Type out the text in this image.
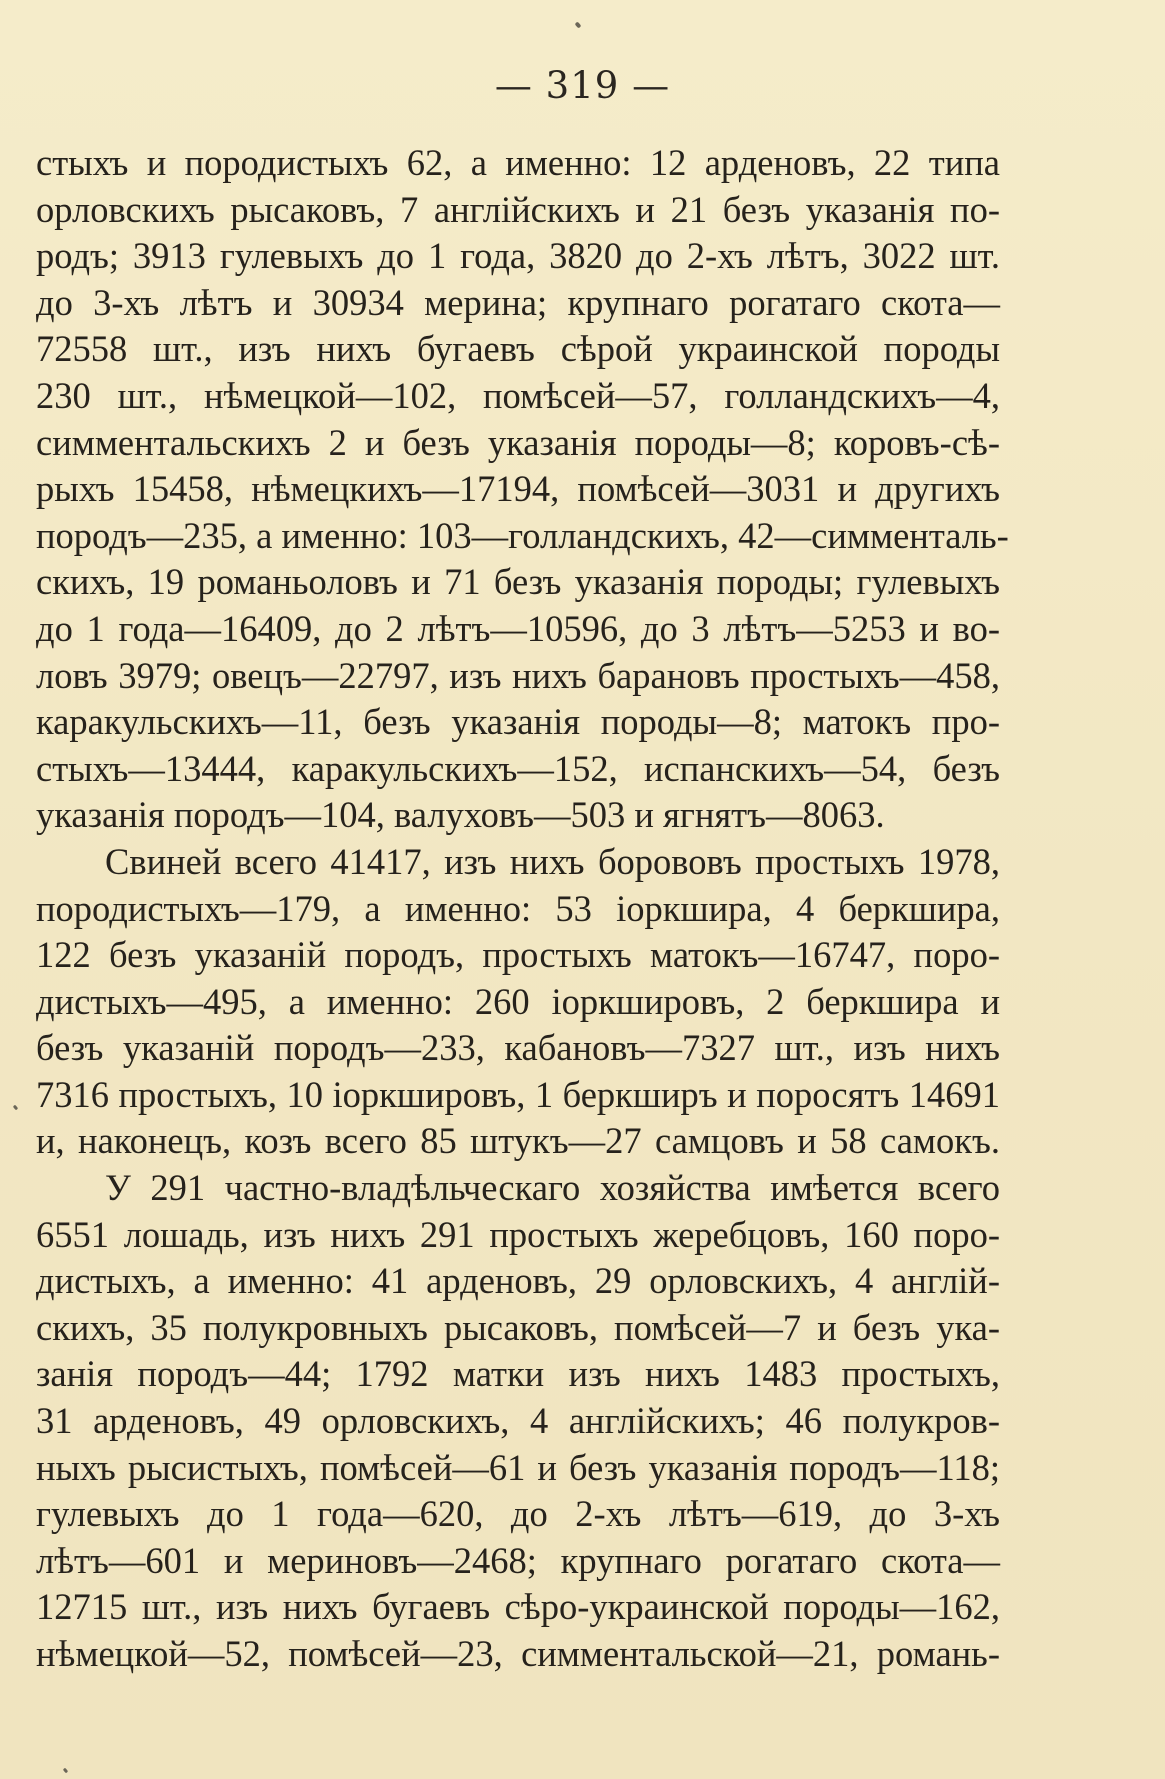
— 319 —
стыхъ и породистыхъ 62, а именно: 12 арденовъ, 22 типа
орловскихъ рысаковъ, 7 англійскихъ и 21 безъ указанія по-
родъ; 3913 гулевыхъ до 1 года, 3820 до 2-хъ лѣтъ, 3022 шт.
до 3-хъ лѣтъ и 30934 мерина; крупнаго рогатаго скота—
72558 шт., изъ нихъ бугаевъ сѣрой украинской породы
230 шт., нѣмецкой—102, помѣсей—57, голландскихъ—4,
симментальскихъ 2 и безъ указанія породы—8; коровъ-сѣ-
рыхъ 15458, нѣмецкихъ—17194, помѣсей—3031 и другихъ
породъ—235, а именно: 103—голландскихъ, 42—симменталь-
скихъ, 19 романьоловъ и 71 безъ указанія породы; гулевыхъ
до 1 года—16409, до 2 лѣтъ—10596, до 3 лѣтъ—5253 и во-
ловъ 3979; овецъ—22797, изъ нихъ барановъ простыхъ—458,
каракульскихъ—11, безъ указанія породы—8; матокъ про-
стыхъ—13444, каракульскихъ—152, испанскихъ—54, безъ
указанія породъ—104, валуховъ—503 и ягнятъ—8063.
Свиней всего 41417, изъ нихъ борововъ простыхъ 1978,
породистыхъ—179, а именно: 53 іоркшира, 4 беркшира,
122 безъ указаній породъ, простыхъ матокъ—16747, поро-
дистыхъ—495, а именно: 260 іоркшировъ, 2 беркшира и
безъ указаній породъ—233, кабановъ—7327 шт., изъ нихъ
7316 простыхъ, 10 іоркшировъ, 1 беркширъ и поросятъ 14691
и, наконецъ, козъ всего 85 штукъ—27 самцовъ и 58 самокъ.
У 291 частно-владѣльческаго хозяйства имѣется всего
6551 лошадь, изъ нихъ 291 простыхъ жеребцовъ, 160 поро-
дистыхъ, а именно: 41 арденовъ, 29 орловскихъ, 4 англій-
скихъ, 35 полукровныхъ рысаковъ, помѣсей—7 и безъ ука-
занія породъ—44; 1792 матки изъ нихъ 1483 простыхъ,
31 арденовъ, 49 орловскихъ, 4 англійскихъ; 46 полукров-
ныхъ рысистыхъ, помѣсей—61 и безъ указанія породъ—118;
гулевыхъ до 1 года—620, до 2-хъ лѣтъ—619, до 3-хъ
лѣтъ—601 и мериновъ—2468; крупнаго рогатаго скота—
12715 шт., изъ нихъ бугаевъ сѣро-украинской породы—162,
нѣмецкой—52, помѣсей—23, симментальской—21, романь-
